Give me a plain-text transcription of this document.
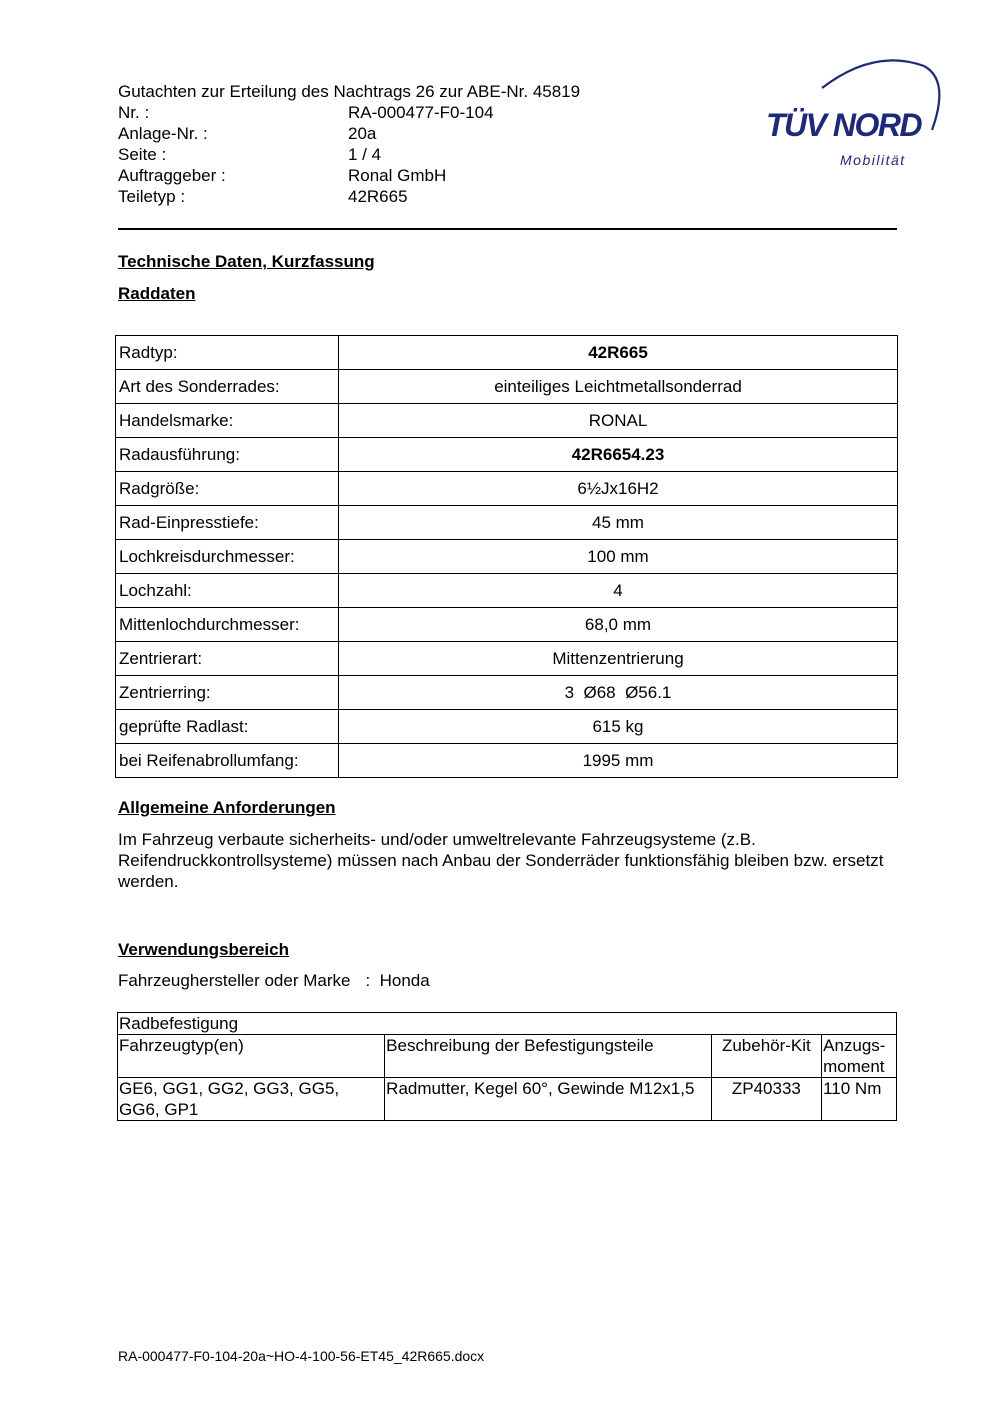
Gutachten zur Erteilung des Nachtrags 26 zur ABE-Nr. 45819
Nr. :	RA-000477-F0-104
Anlage-Nr. :	20a
Seite :	1 / 4
Auftraggeber :	Ronal GmbH
Teiletyp :	42R665
TÜV NORD
Mobilität
Technische Daten, Kurzfassung
Raddaten
Radtyp:	42R665
Art des Sonderrades:	einteiliges Leichtmetallsonderrad
Handelsmarke:	RONAL
Radausführung:	42R6654.23
Radgröße:	6½Jx16H2
Rad-Einpresstiefe:	45 mm
Lochkreisdurchmesser:	100 mm
Lochzahl:	4
Mittenlochdurchmesser:	68,0 mm
Zentrierart:	Mittenzentrierung
Zentrierring:	3  Ø68  Ø56.1
geprüfte Radlast:	615 kg
bei Reifenabrollumfang:	1995 mm
Allgemeine Anforderungen
Im Fahrzeug verbaute sicherheits- und/oder umweltrelevante Fahrzeugsysteme (z.B. Reifendruckkontrollsysteme) müssen nach Anbau der Sonderräder funktionsfähig bleiben bzw. ersetzt werden.
Verwendungsbereich
Fahrzeughersteller oder Marke :  Honda
Radbefestigung			
Fahrzeugtyp(en)	Beschreibung der Befestigungsteile	Zubehör-Kit	Anzugs-moment
GE6, GG1, GG2, GG3, GG5, GG6, GP1	Radmutter, Kegel 60°, Gewinde M12x1,5	ZP40333	110 Nm
RA-000477-F0-104-20a~HO-4-100-56-ET45_42R665.docx
